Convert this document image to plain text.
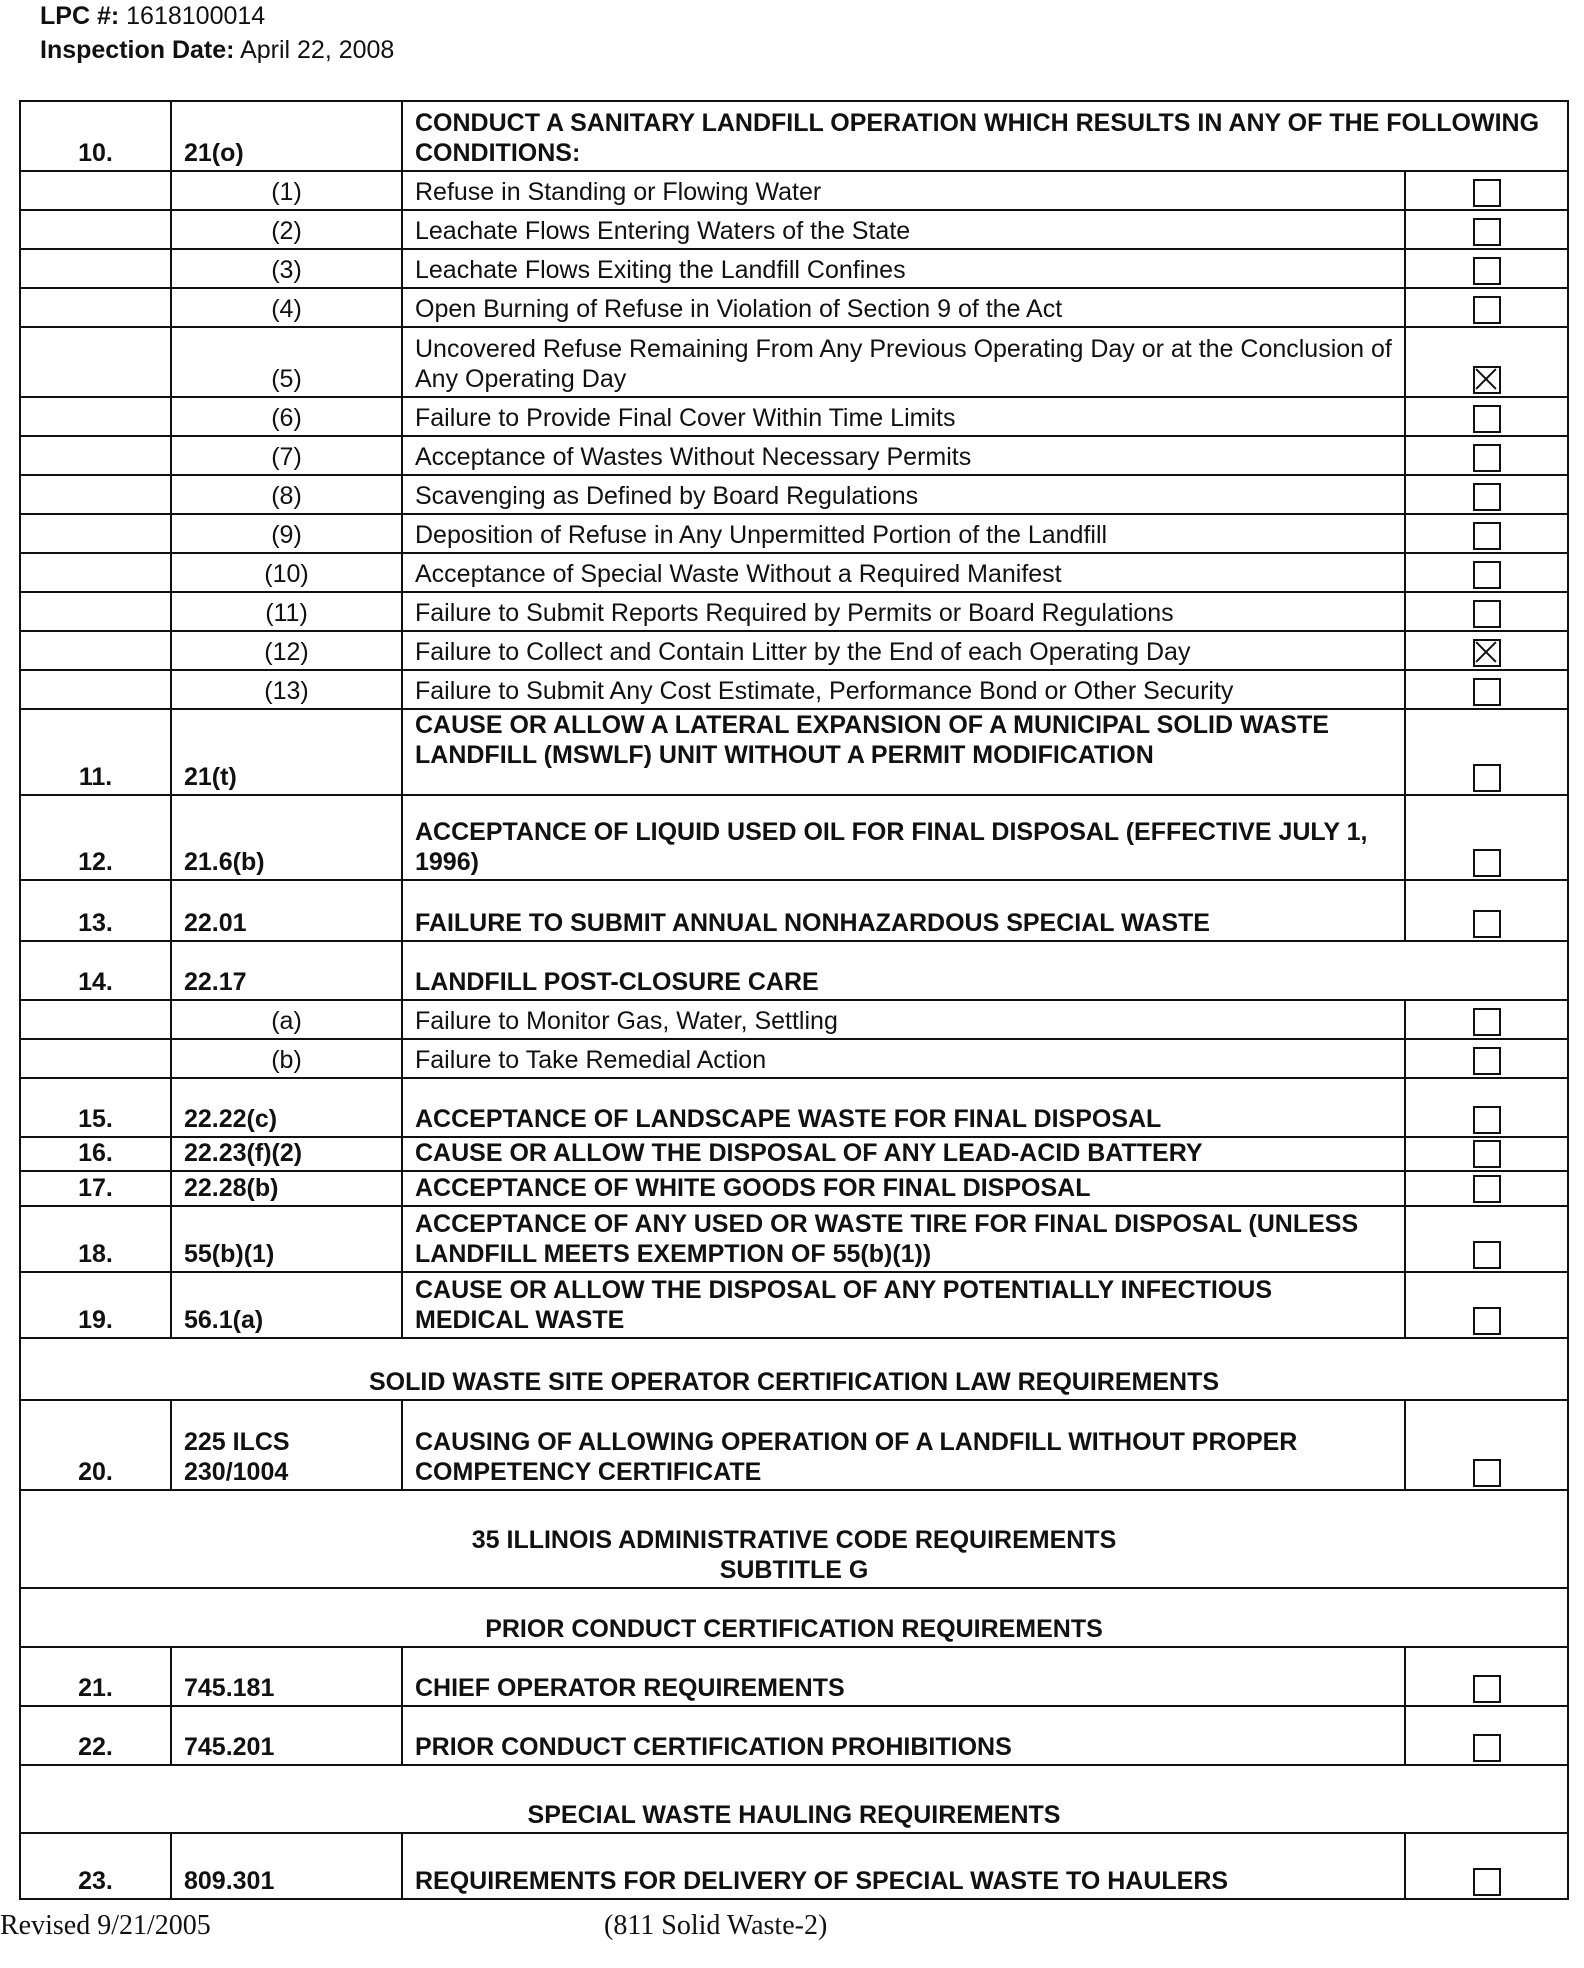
LPC #: 1618100014
Inspection Date: April 22, 2008
10.	21(o)	CONDUCT A SANITARY LANDFILL OPERATION WHICH RESULTS IN ANY OF THE FOLLOWING CONDITIONS:	
	(1)	Refuse in Standing or Flowing Water	
	(2)	Leachate Flows Entering Waters of the State	
	(3)	Leachate Flows Exiting the Landfill Confines	
	(4)	Open Burning of Refuse in Violation of Section 9 of the Act	
	(5)	Uncovered Refuse Remaining From Any Previous Operating Day or at the Conclusion of Any Operating Day	
	(6)	Failure to Provide Final Cover Within Time Limits	
	(7)	Acceptance of Wastes Without Necessary Permits	
	(8)	Scavenging as Defined by Board Regulations	
	(9)	Deposition of Refuse in Any Unpermitted Portion of the Landfill	
	(10)	Acceptance of Special Waste Without a Required Manifest	
	(11)	Failure to Submit Reports Required by Permits or Board Regulations	
	(12)	Failure to Collect and Contain Litter by the End of each Operating Day	
	(13)	Failure to Submit Any Cost Estimate, Performance Bond or Other Security	
11.	21(t)	CAUSE OR ALLOW A LATERAL EXPANSION OF A MUNICIPAL SOLID WASTE LANDFILL (MSWLF) UNIT WITHOUT A PERMIT MODIFICATION	

12.	21.6(b)	ACCEPTANCE OF LIQUID USED OIL FOR FINAL DISPOSAL (EFFECTIVE JULY 1, 1996)	
13.	22.01	FAILURE TO SUBMIT ANNUAL NONHAZARDOUS SPECIAL WASTE	
14.	22.17	LANDFILL POST-CLOSURE CARE	
	(a)	Failure to Monitor Gas, Water, Settling	
	(b)	Failure to Take Remedial Action	
15.	22.22(c)	ACCEPTANCE OF LANDSCAPE WASTE FOR FINAL DISPOSAL	
16.	22.23(f)(2)	CAUSE OR ALLOW THE DISPOSAL OF ANY LEAD-ACID BATTERY	
17.	22.28(b)	ACCEPTANCE OF WHITE GOODS FOR FINAL DISPOSAL	
18.	55(b)(1)	ACCEPTANCE OF ANY USED OR WASTE TIRE FOR FINAL DISPOSAL (UNLESS LANDFILL MEETS EXEMPTION OF 55(b)(1))	
19.	56.1(a)	CAUSE OR ALLOW THE DISPOSAL OF ANY POTENTIALLY INFECTIOUS MEDICAL WASTE	
SOLID WASTE SITE OPERATOR CERTIFICATION LAW REQUIREMENTS			
20.	225 ILCS 230/1004	CAUSING OF ALLOWING OPERATION OF A LANDFILL WITHOUT PROPER COMPETENCY CERTIFICATE	

35 ILLINOIS ADMINISTRATIVE CODE REQUIREMENTS
SUBTITLE G			

PRIOR CONDUCT CERTIFICATION REQUIREMENTS			
21.	745.181	CHIEF OPERATOR REQUIREMENTS	
22.	745.201	PRIOR CONDUCT CERTIFICATION PROHIBITIONS	
SPECIAL WASTE HAULING REQUIREMENTS			
23.	809.301	REQUIREMENTS FOR DELIVERY OF SPECIAL WASTE TO HAULERS	
Revised 9/21/2005	(811 Solid Waste-2)
